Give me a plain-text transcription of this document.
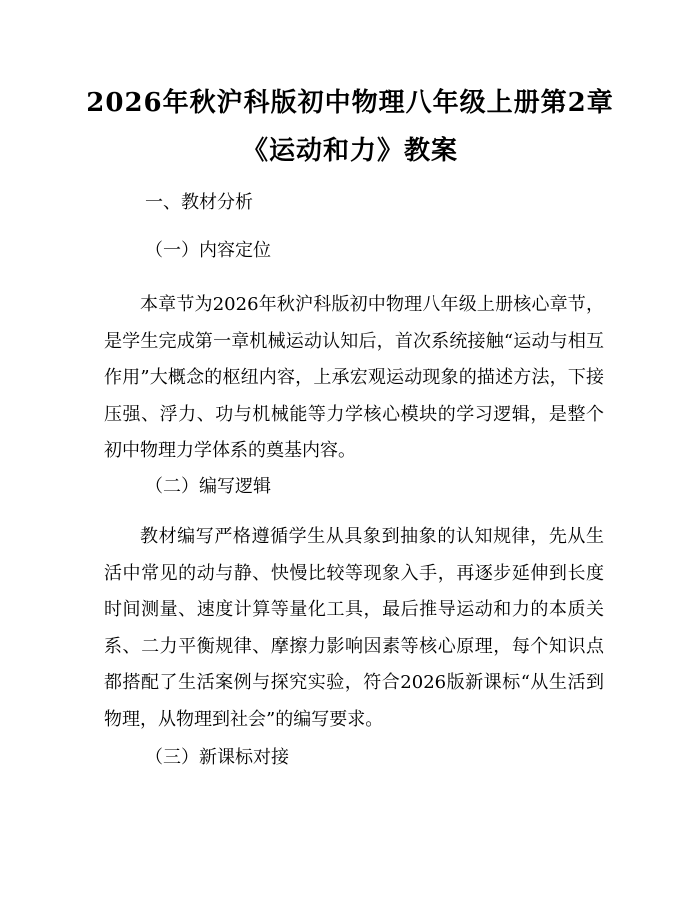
2026年秋沪科版初中物理八年级上册第2章
《运动和力》教案
一、教材分析
（一）内容定位
本章节为2026年秋沪科版初中物理八年级上册核心章节，是学生完成第一章机械运动认知后，首次系统接触“运动与相互作用”大概念的枢纽内容，上承宏观运动现象的描述方法，下接压强、浮力、功与机械能等力学核心模块的学习逻辑，是整个初中物理力学体系的奠基内容。
（二）编写逻辑
教材编写严格遵循学生从具象到抽象的认知规律，先从生活中常见的动与静、快慢比较等现象入手，再逐步延伸到长度时间测量、速度计算等量化工具，最后推导运动和力的本质关系、二力平衡规律、摩擦力影响因素等核心原理，每个知识点都搭配了生活案例与探究实验，符合2026版新课标“从生活到物理，从物理到社会”的编写要求。
（三）新课标对接
